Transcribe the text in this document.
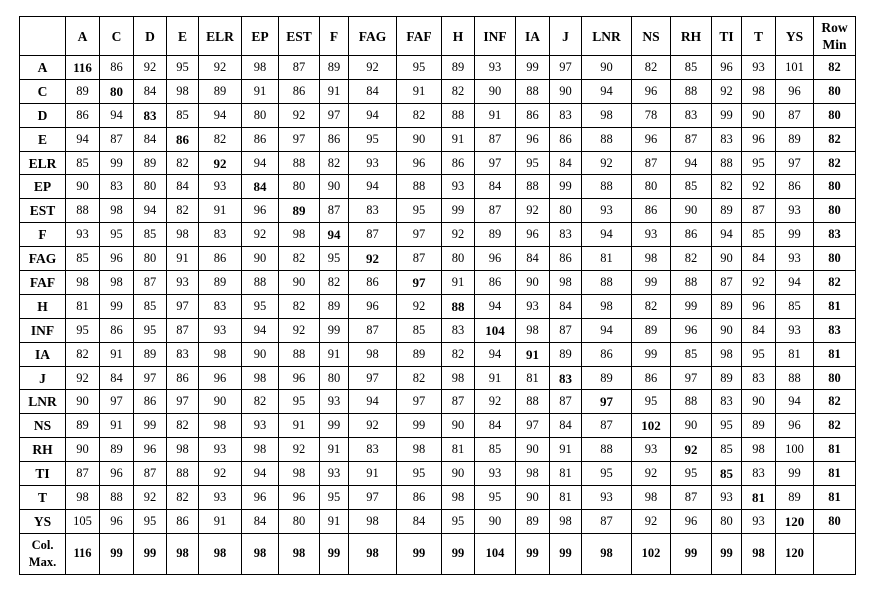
	A	C	D	E	ELR	EP	EST	F	FAG	FAF	H	INF	IA	J	LNR	NS	RH	TI	T	YS	Row
Min
A	116	86	92	95	92	98	87	89	92	95	89	93	99	97	90	82	85	96	93	101	82
C	89	80	84	98	89	91	86	91	84	91	82	90	88	90	94	96	88	92	98	96	80
D	86	94	83	85	94	80	92	97	94	82	88	91	86	83	98	78	83	99	90	87	80
E	94	87	84	86	82	86	97	86	95	90	91	87	96	86	88	96	87	83	96	89	82
ELR	85	99	89	82	92	94	88	82	93	96	86	97	95	84	92	87	94	88	95	97	82
EP	90	83	80	84	93	84	80	90	94	88	93	84	88	99	88	80	85	82	92	86	80
EST	88	98	94	82	91	96	89	87	83	95	99	87	92	80	93	86	90	89	87	93	80
F	93	95	85	98	83	92	98	94	87	97	92	89	96	83	94	93	86	94	85	99	83
FAG	85	96	80	91	86	90	82	95	92	87	80	96	84	86	81	98	82	90	84	93	80
FAF	98	98	87	93	89	88	90	82	86	97	91	86	90	98	88	99	88	87	92	94	82
H	81	99	85	97	83	95	82	89	96	92	88	94	93	84	98	82	99	89	96	85	81
INF	95	86	95	87	93	94	92	99	87	85	83	104	98	87	94	89	96	90	84	93	83
IA	82	91	89	83	98	90	88	91	98	89	82	94	91	89	86	99	85	98	95	81	81
J	92	84	97	86	96	98	96	80	97	82	98	91	81	83	89	86	97	89	83	88	80
LNR	90	97	86	97	90	82	95	93	94	97	87	92	88	87	97	95	88	83	90	94	82
NS	89	91	99	82	98	93	91	99	92	99	90	84	97	84	87	102	90	95	89	96	82
RH	90	89	96	98	93	98	92	91	83	98	81	85	90	91	88	93	92	85	98	100	81
TI	87	96	87	88	92	94	98	93	91	95	90	93	98	81	95	92	95	85	83	99	81
T	98	88	92	82	93	96	96	95	97	86	98	95	90	81	93	98	87	93	81	89	81
YS	105	96	95	86	91	84	80	91	98	84	95	90	89	98	87	92	96	80	93	120	80
Col.
Max.	116	99	99	98	98	98	98	99	98	99	99	104	99	99	98	102	99	99	98	120	
